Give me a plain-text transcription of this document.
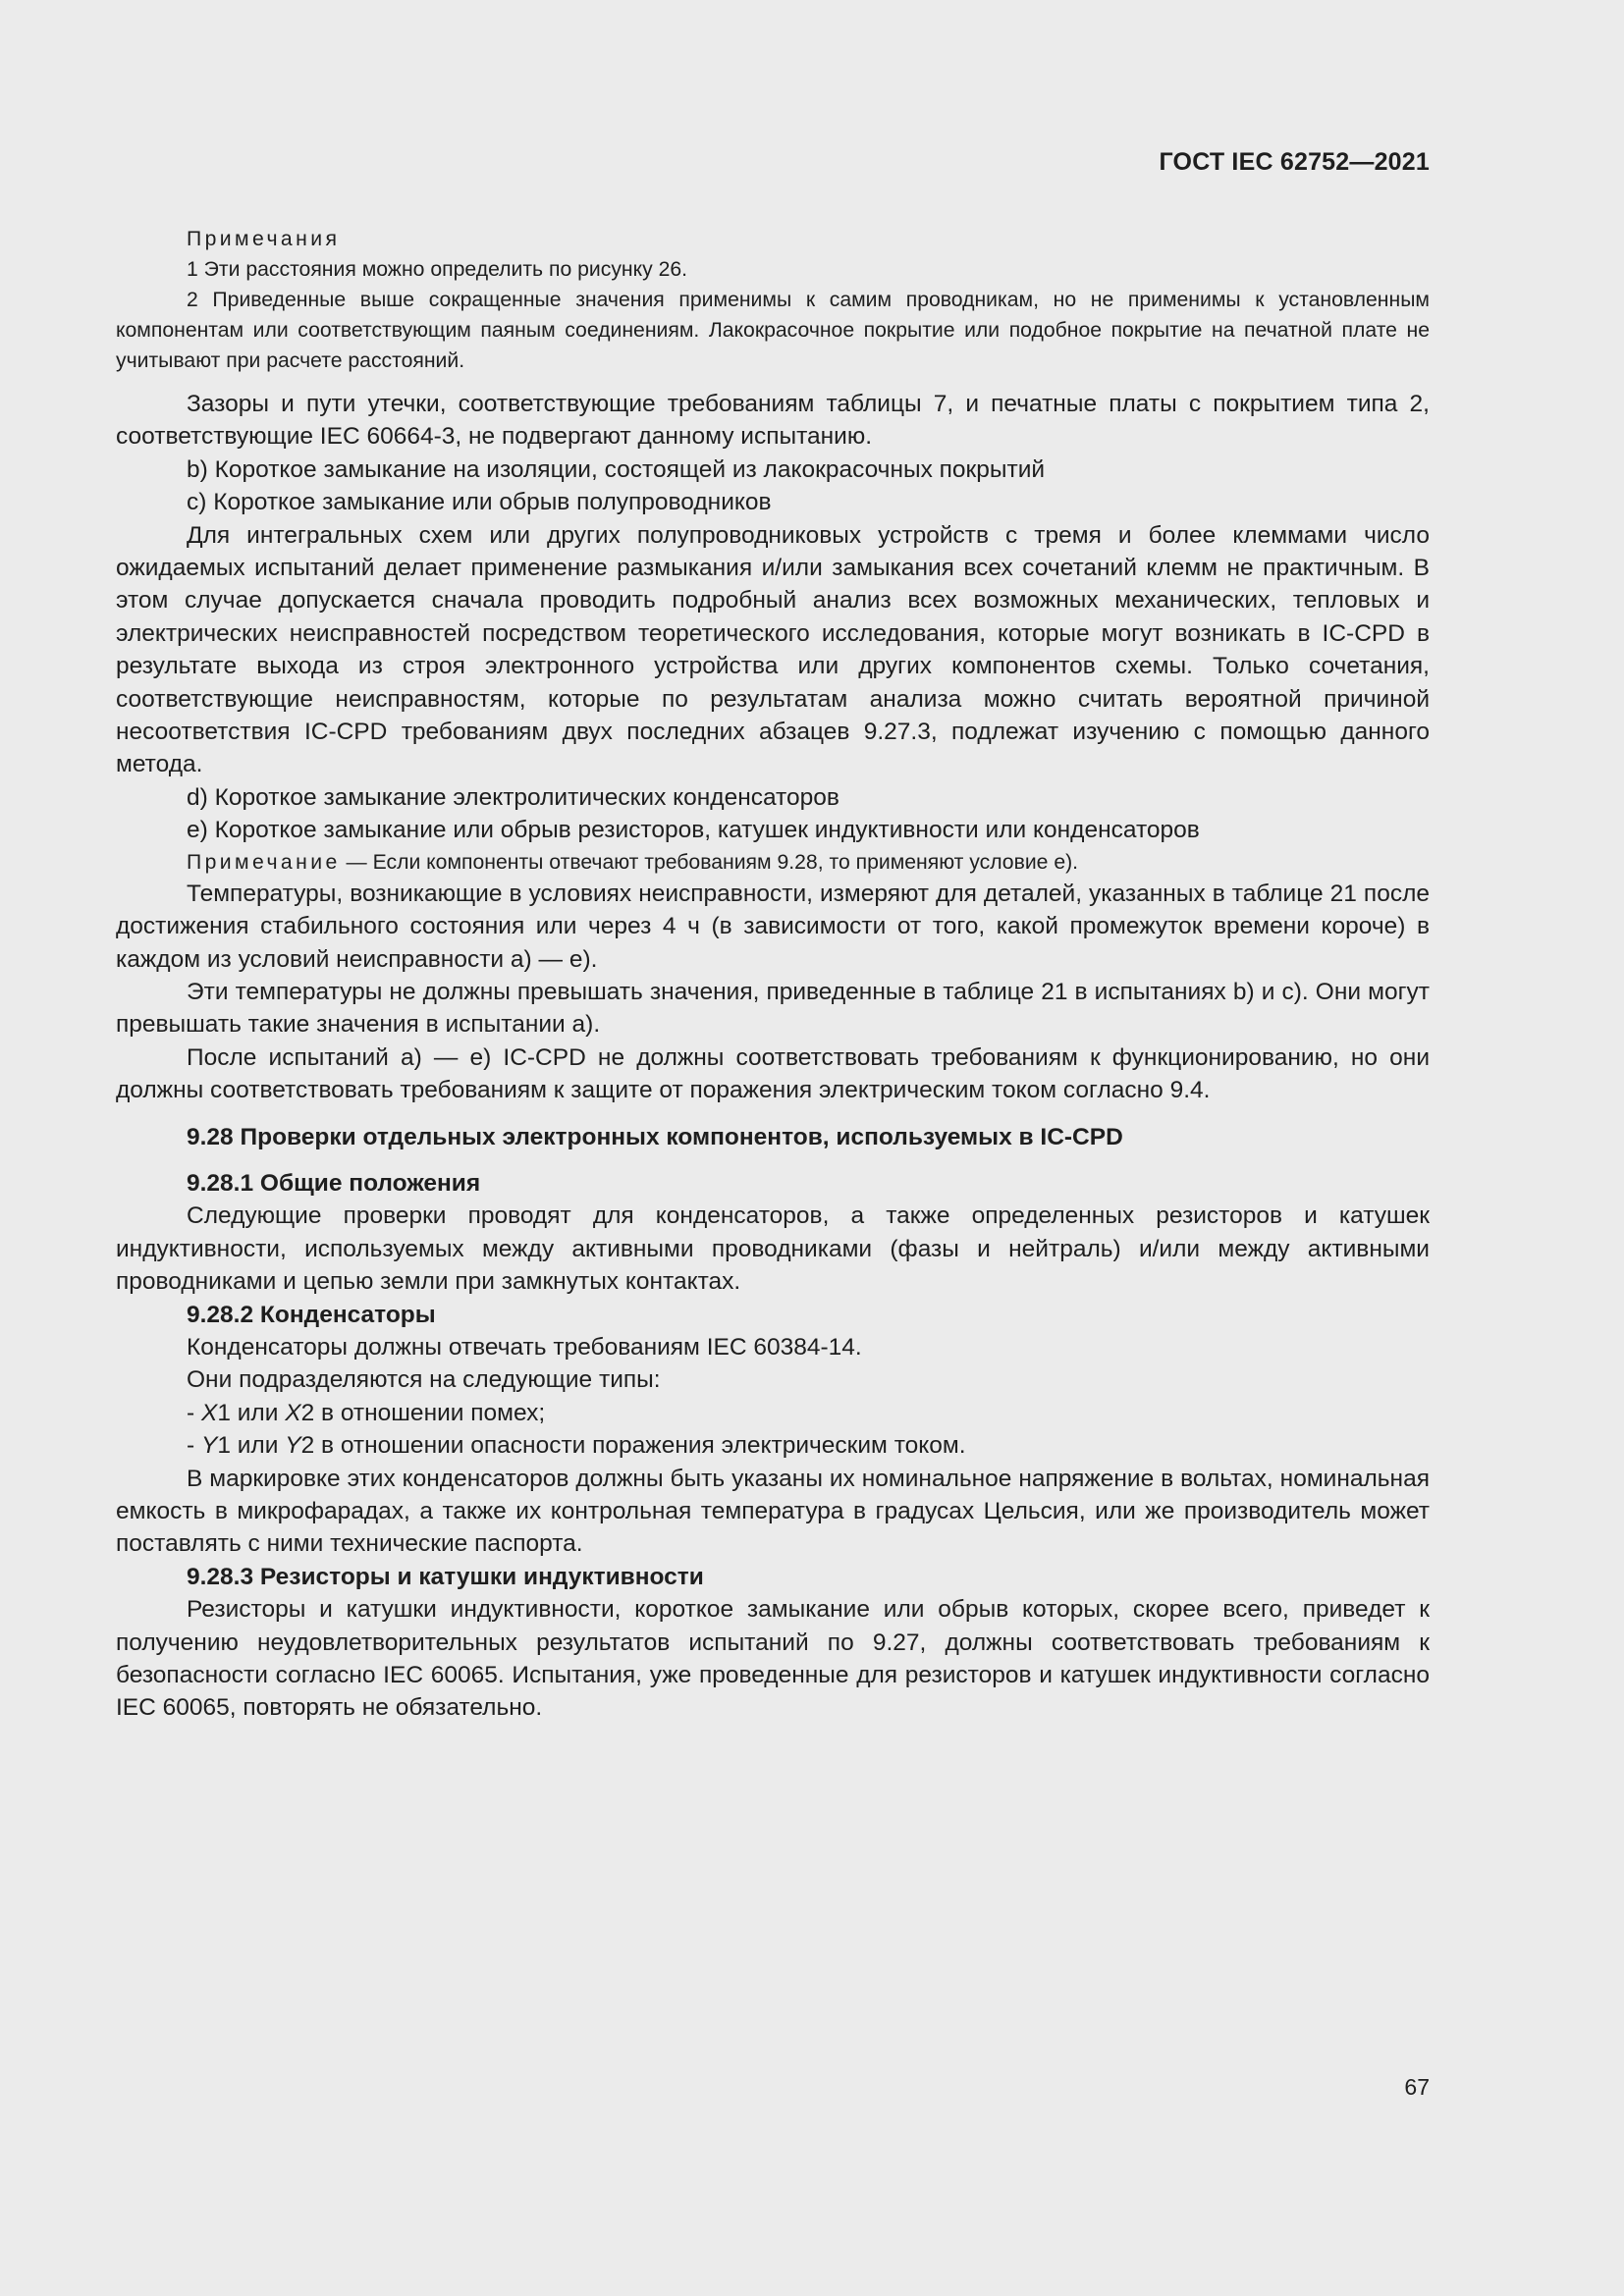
ГОСТ IEC 62752—2021

Примечания

1 Эти расстояния можно определить по рисунку 26.

2 Приведенные выше сокращенные значения применимы к самим проводникам, но не применимы к установленным компонентам или соответствующим паяным соединениям. Лакокрасочное покрытие или подобное покрытие на печатной плате не учитывают при расчете расстояний.

Зазоры и пути утечки, соответствующие требованиям таблицы 7, и печатные платы с покрытием типа 2, соответствующие IEC 60664-3, не подвергают данному испытанию.

b) Короткое замыкание на изоляции, состоящей из лакокрасочных покрытий

c) Короткое замыкание или обрыв полупроводников

Для интегральных схем или других полупроводниковых устройств с тремя и более клеммами число ожидаемых испытаний делает применение размыкания и/или замыкания всех сочетаний клемм не практичным. В этом случае допускается сначала проводить подробный анализ всех возможных механических, тепловых и электрических неисправностей посредством теоретического исследования, которые могут возникать в IC-CPD в результате выхода из строя электронного устройства или других компонентов схемы. Только сочетания, соответствующие неисправностям, которые по результатам анализа можно считать вероятной причиной несоответствия IC-CPD требованиям двух последних абзацев 9.27.3, подлежат изучению с помощью данного метода.

d) Короткое замыкание электролитических конденсаторов

e) Короткое замыкание или обрыв резисторов, катушек индуктивности или конденсаторов

Примечание — Если компоненты отвечают требованиям 9.28, то применяют условие e).

Температуры, возникающие в условиях неисправности, измеряют для деталей, указанных в таблице 21 после достижения стабильного состояния или через 4 ч (в зависимости от того, какой промежуток времени короче) в каждом из условий неисправности a) — e).

Эти температуры не должны превышать значения, приведенные в таблице 21 в испытаниях b) и c). Они могут превышать такие значения в испытании a).

После испытаний a) — e) IC-CPD не должны соответствовать требованиям к функционированию, но они должны соответствовать требованиям к защите от поражения электрическим током согласно 9.4.

9.28 Проверки отдельных электронных компонентов, используемых в IC-CPD

9.28.1 Общие положения

Следующие проверки проводят для конденсаторов, а также определенных резисторов и катушек индуктивности, используемых между активными проводниками (фазы и нейтраль) и/или между активными проводниками и цепью земли при замкнутых контактах.

9.28.2 Конденсаторы

Конденсаторы должны отвечать требованиям IEC 60384-14.

Они подразделяются на следующие типы:

- X1 или X2 в отношении помех;

- Y1 или Y2 в отношении опасности поражения электрическим током.

В маркировке этих конденсаторов должны быть указаны их номинальное напряжение в вольтах, номинальная емкость в микрофарадах, а также их контрольная температура в градусах Цельсия, или же производитель может поставлять с ними технические паспорта.

9.28.3 Резисторы и катушки индуктивности

Резисторы и катушки индуктивности, короткое замыкание или обрыв которых, скорее всего, приведет к получению неудовлетворительных результатов испытаний по 9.27, должны соответствовать требованиям к безопасности согласно IEC 60065. Испытания, уже проведенные для резисторов и катушек индуктивности согласно IEC 60065, повторять не обязательно.

67
